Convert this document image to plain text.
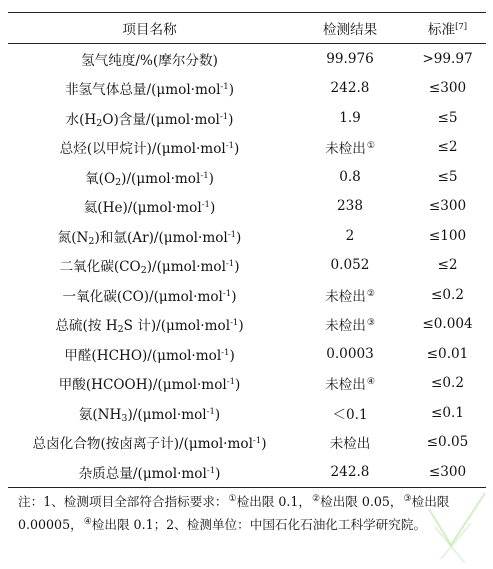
项目名称	检测结果	标准[7]
氢气纯度/%(摩尔分数)	99.976	>99.97
非氢气体总量/(μmol·mol$^{-1}$)	242.8	≤300
水$(H_2O)$含量/(μmol·mol$^{-1}$)	1.9	≤5
总烃(以甲烷计)/(μmol·mol$^{-1}$)	未检出①	≤2
氧$(O_2)/(\mu mol\cdot mol^{-1})$	0.8	≤5
氦(He)/(μmol·mol$^{-1}$)	238	≤300
氮$(N_2)$和氩(Ar)/(μmol·mol$^{-1}$)	2	≤100
二氧化碳$(CO_2)/(\mu mol\cdot mol^{-1})$	0.052	≤2
一氧化碳(CO)/(μmol·mol$^{-1}$)	未检出②	≤0.2
总硫(按 $H_2S$ 计)/(μmol·mol$^{-1}$)	未检出③	≤0.004
甲醛(HCHO)/(μmol·mol$^{-1}$)	0.0003	≤0.01
甲酸(HCOOH)/(μmol·mol$^{-1}$)	未检出④	≤0.2
氨$(NH_3)/(\mu mol\cdot mol^{-1})$	＜0.1	≤0.1
总卤化合物(按卤离子计)/(μmol·mol$^{-1}$)	未检出	≤0.05
杂质总量/(μmol·mol$^{-1}$)	242.8	≤300
注：1、检测项目全部符合指标要求：①检出限 0.1，②检出限 0.05，③检出限 0.00005，④检出限 0.1；2、检测单位：中国石化石油化工科学研究院。
